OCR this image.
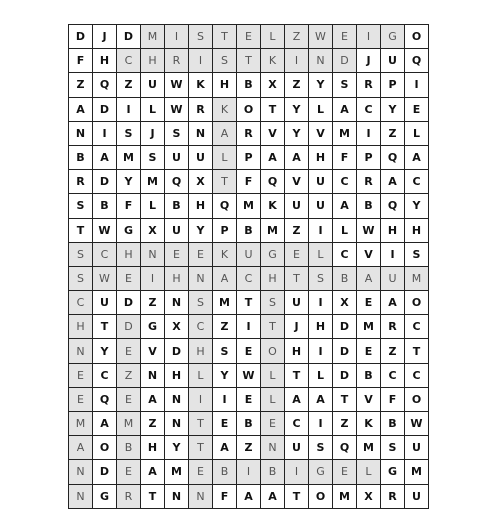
D	J	D	M	I	S	T	E	L	Z	W	E	I	G	O
F	H	C	H	R	I	S	T	K	I	N	D	J	U	Q
Z	Q	Z	U	W	K	H	B	X	Z	Y	S	R	P	I
A	D	I	L	W	R	K	O	T	Y	L	A	C	Y	E
N	I	S	J	S	N	A	R	V	Y	V	M	I	Z	L
B	A	M	S	U	U	L	P	A	A	H	F	P	Q	A
R	D	Y	M	Q	X	T	F	Q	V	U	C	R	A	C
S	B	F	L	B	H	Q	M	K	U	U	A	B	Q	Y
T	W	G	X	U	Y	P	B	M	Z	I	L	W	H	H
S	C	H	N	E	E	K	U	G	E	L	C	V	I	S
S	W	E	I	H	N	A	C	H	T	S	B	A	U	M
C	U	D	Z	N	S	M	T	S	U	I	X	E	A	O
H	T	D	G	X	C	Z	I	T	J	H	D	M	R	C
N	Y	E	V	D	H	S	E	O	H	I	D	E	Z	T
E	C	Z	N	H	L	Y	W	L	T	L	D	B	C	C
E	Q	E	A	N	I	I	E	L	A	A	T	V	F	O
M	A	M	Z	N	T	E	B	E	C	I	Z	K	B	W
A	O	B	H	Y	T	A	Z	N	U	S	Q	M	S	U
N	D	E	A	M	E	B	I	B	I	G	E	L	G	M
N	G	R	T	N	N	F	A	A	T	O	M	X	R	U
